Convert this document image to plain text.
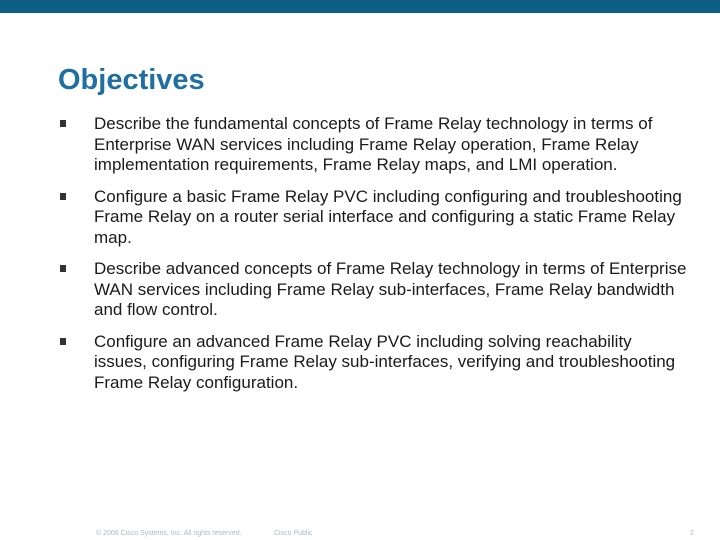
Objectives
Describe the fundamental concepts of Frame Relay technology in terms of Enterprise WAN services including Frame Relay operation, Frame Relay implementation requirements, Frame Relay maps, and LMI operation.
Configure a basic Frame Relay PVC including configuring and troubleshooting Frame Relay on a router serial interface and configuring a static Frame Relay map.
Describe advanced concepts of Frame Relay technology in terms of Enterprise WAN services including Frame Relay sub-interfaces, Frame Relay bandwidth and flow control.
Configure an advanced Frame Relay PVC including solving reachability issues, configuring Frame Relay sub-interfaces, verifying and troubleshooting Frame Relay configuration.
© 2006 Cisco Systems, Inc. All rights reserved.	Cisco Public	2
